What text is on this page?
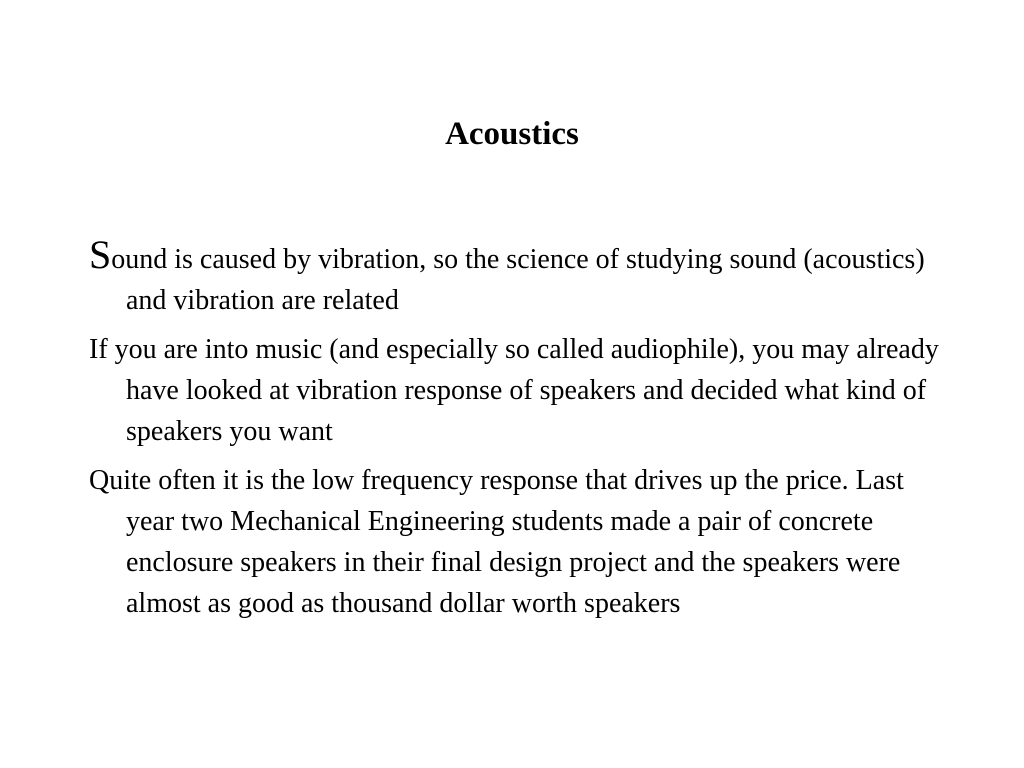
Acoustics
Sound is caused by vibration, so the science of studying sound (acoustics) and vibration are related
If you are into music (and especially so called audiophile), you may already have looked at vibration response of speakers and decided what kind of speakers you want
Quite often it is the low frequency response that drives up the price. Last year two Mechanical Engineering students made a pair of concrete enclosure speakers in their final design project and the speakers were almost as good as thousand dollar worth speakers
